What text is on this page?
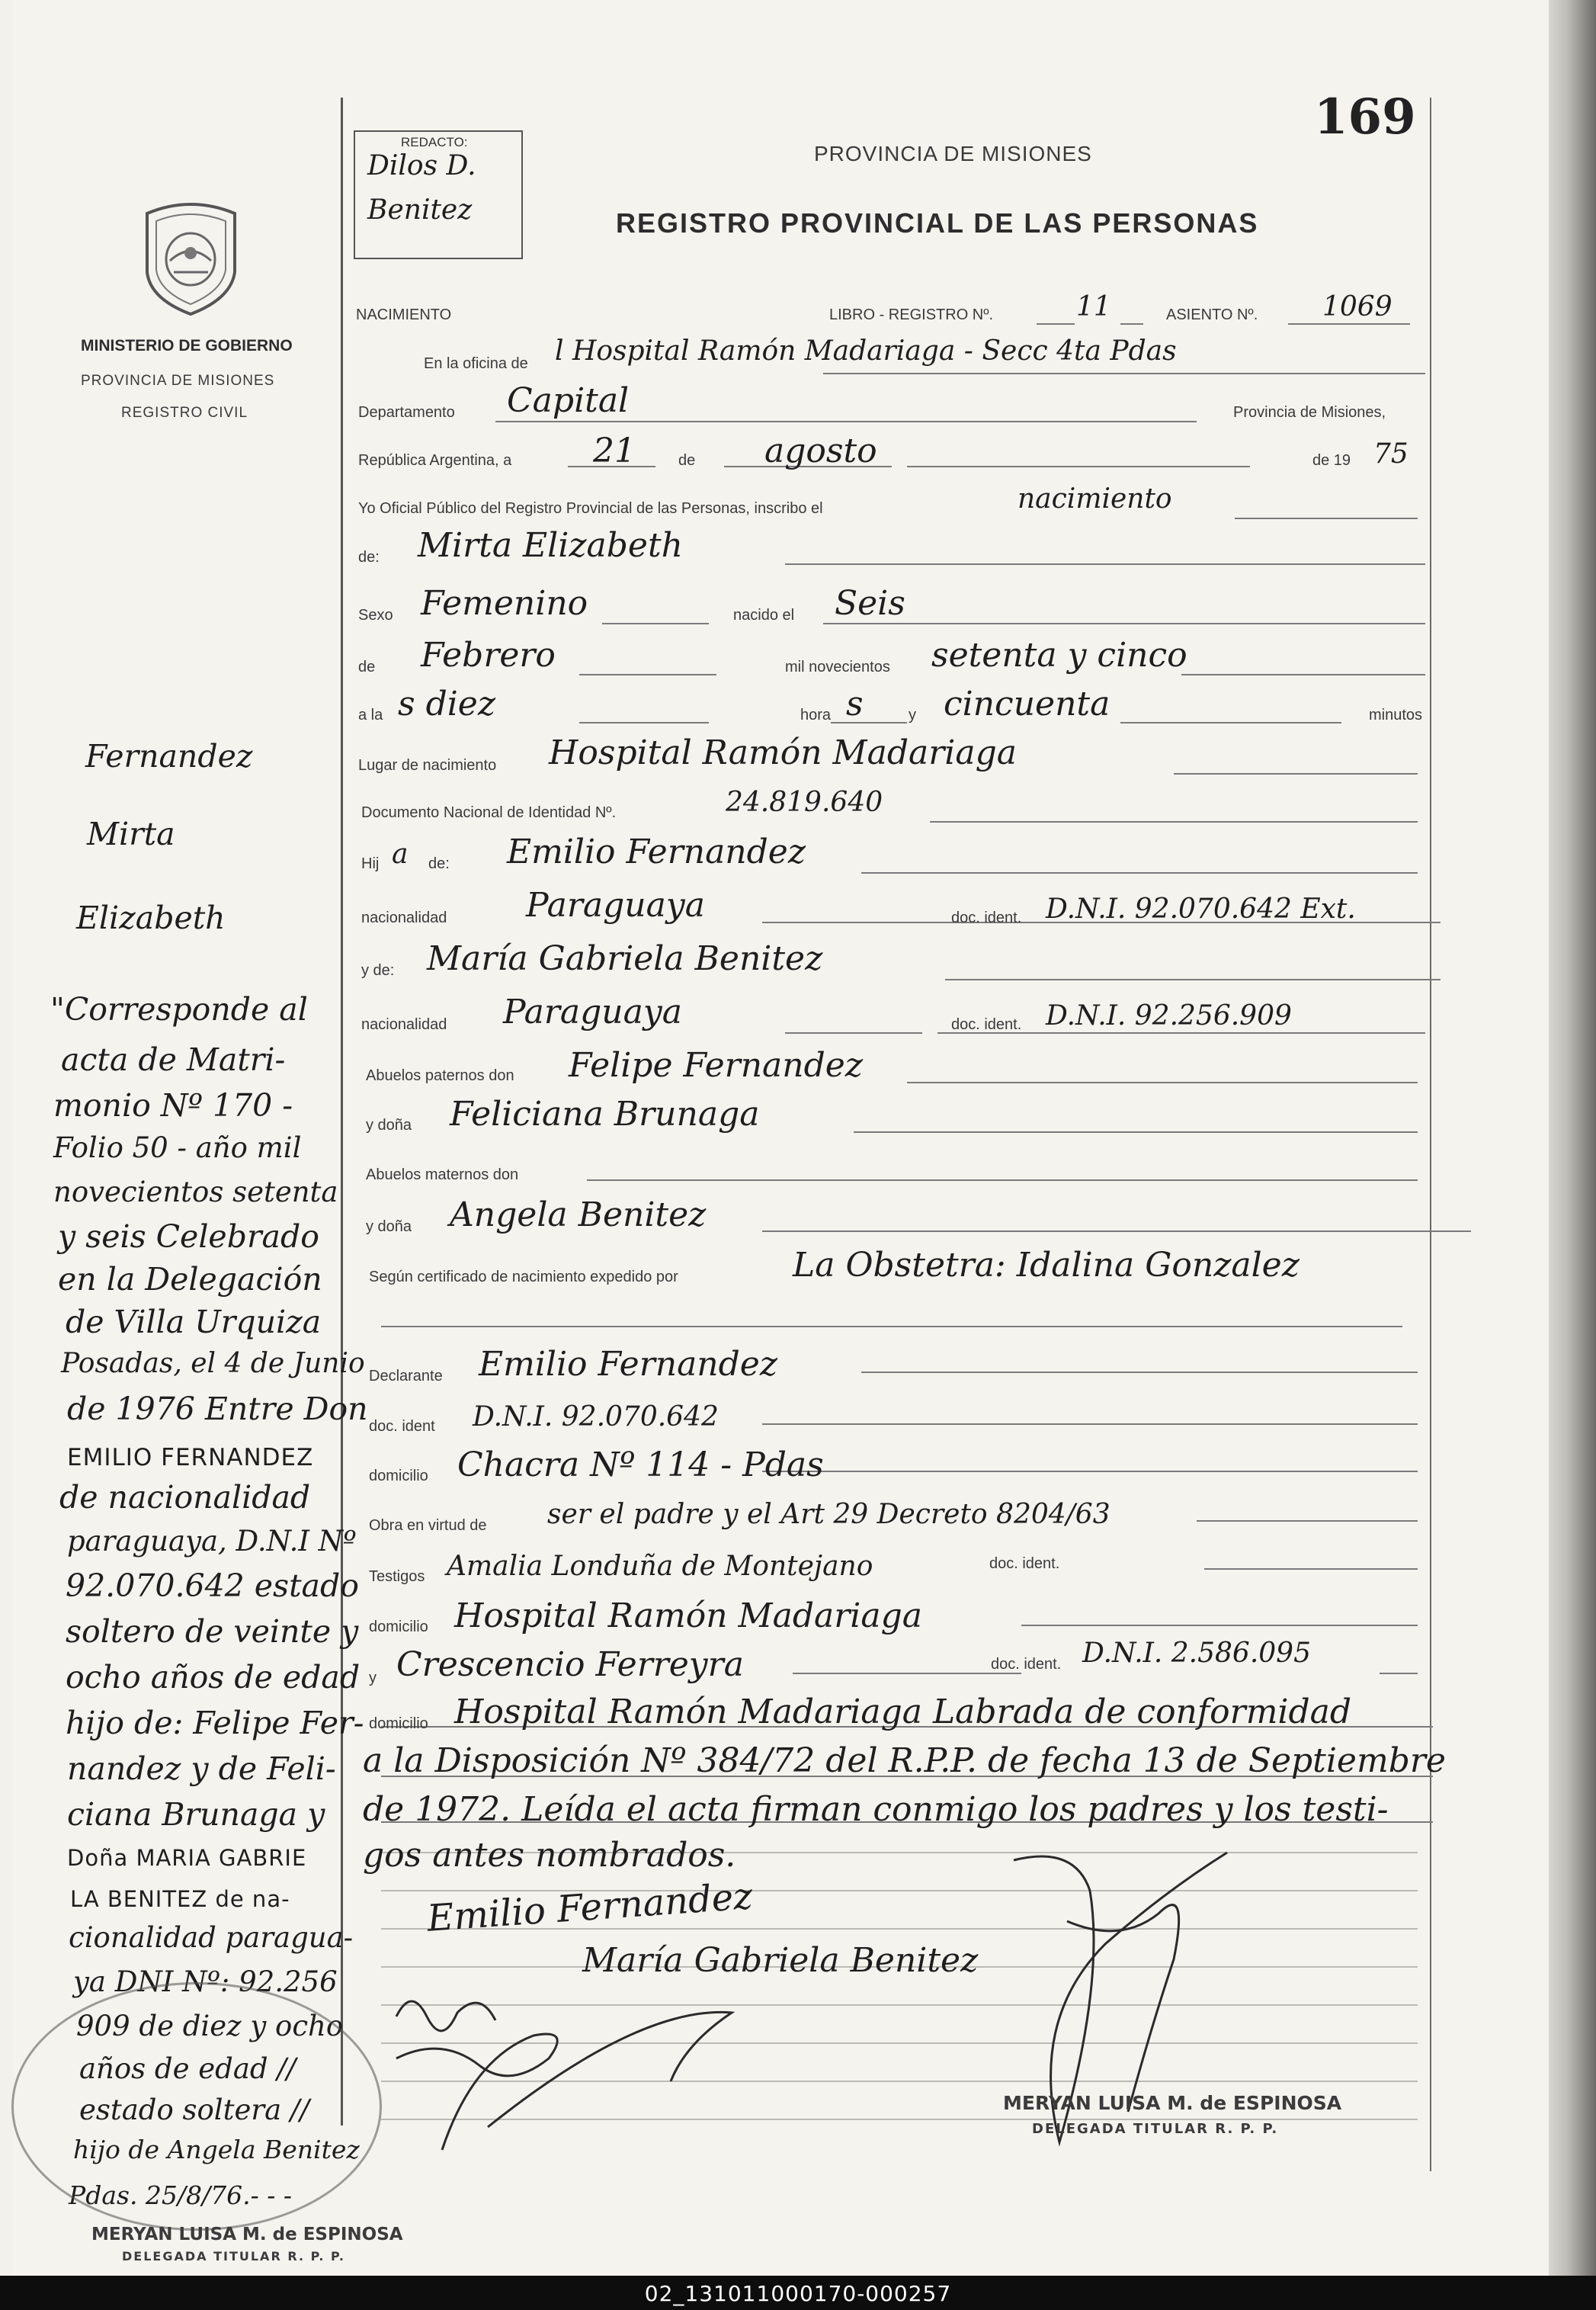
169
REDACTO:
Dilos D.
Benitez
PROVINCIA DE MISIONES
REGISTRO PROVINCIAL DE LAS PERSONAS
MINISTERIO DE GOBIERNO
PROVINCIA DE MISIONES
REGISTRO CIVIL
NACIMIENTO	LIBRO - REGISTRO Nº.	ASIENTO Nº.
11	1069
En la oficina de l Hospital Ramón Madariaga - Secc 4ta Pdas
Departamento Capital	Provincia de Misiones,
República Argentina, a 21	de agosto	de 19 75
Yo Oficial Público del Registro Provincial de las Personas, inscribo el	nacimiento
de: Mirta Elizabeth
Sexo Femenino	nacido el Seis
de Febrero	mil novecientos setenta y cinco
a la s diez	hora s	y cincuenta	minutos
Lugar de nacimiento Hospital Ramón Madariaga
Documento Nacional de Identidad Nº.	24.819.640
Hij a de: Emilio Fernandez
nacionalidad Paraguaya	doc. ident. D.N.I. 92.070.642 Ext.
y de: María Gabriela Benitez
nacionalidad Paraguaya	doc. ident. D.N.I. 92.256.909
Abuelos paternos don Felipe Fernandez
y doña Feliciana Brunaga
Abuelos maternos don
y doña Angela Benitez
Según certificado de nacimiento expedido por	La Obstetra: Idalina Gonzalez
Declarante Emilio Fernandez
doc. ident D.N.I. 92.070.642
domicilio Chacra Nº 114 - Pdas
Obra en virtud de ser el padre y el Art 29 Decreto 8204/63
Testigos Amalia Londuña de Montejano	doc. ident.
domicilio Hospital Ramón Madariaga
y Crescencio Ferreyra	doc. ident. D.N.I. 2.586.095
domicilio Hospital Ramón Madariaga Labrada de conformidad
a la Disposición Nº 384/72 del R.P.P. de fecha 13 de Septiembre
de 1972. Leída el acta firman conmigo los padres y los testi-
gos antes nombrados.
Emilio Fernandez
María Gabriela Benitez
MERYAN LUISA M. de ESPINOSA
DELEGADA TITULAR R. P. P.
Fernandez
Mirta
Elizabeth
"Corresponde al
acta de Matri-
monio Nº 170 -
Folio 50 - año mil
novecientos setenta
y seis Celebrado
en la Delegación
de Villa Urquiza
Posadas, el 4 de Junio
de 1976 Entre Don
EMILIO FERNANDEZ
de nacionalidad
paraguaya, D.N.I Nº
92.070.642 estado
soltero de veinte y
ocho años de edad
hijo de: Felipe Fer-
nandez y de Feli-
ciana Brunaga y
Doña MARIA GABRIE
LA BENITEZ de na-
cionalidad paragua-
ya DNI Nº: 92.256
909 de diez y ocho
años de edad //
estado soltera //
hijo de Angela Benitez
Pdas. 25/8/76.- - -
MERYAN LUISA M. de ESPINOSA
DELEGADA TITULAR R. P. P.
02_131011000170-000257
